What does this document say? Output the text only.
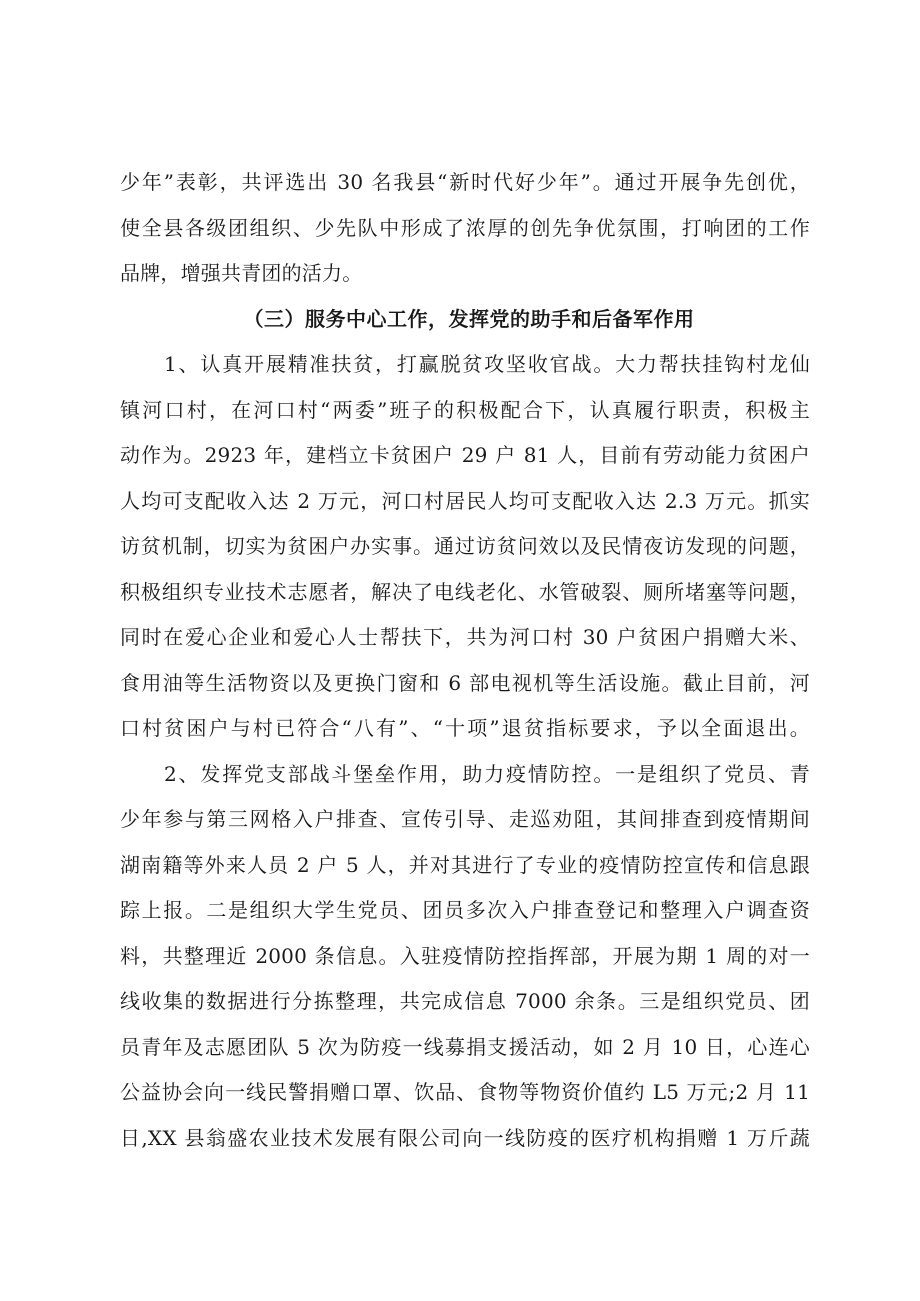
少年”表彰，共评选出 30 名我县“新时代好少年”。通过开展争先创优，
使全县各级团组织、少先队中形成了浓厚的创先争优氛围，打响团的工作
品牌，增强共青团的活力。
（三）服务中心工作，发挥党的助手和后备军作用
1、认真开展精准扶贫，打赢脱贫攻坚收官战。大力帮扶挂钩村龙仙
镇河口村，在河口村“两委”班子的积极配合下，认真履行职责，积极主
动作为。2923 年，建档立卡贫困户 29 户 81 人，目前有劳动能力贫困户
人均可支配收入达 2 万元，河口村居民人均可支配收入达 2.3 万元。抓实
访贫机制，切实为贫困户办实事。通过访贫问效以及民情夜访发现的问题，
积极组织专业技术志愿者，解决了电线老化、水管破裂、厕所堵塞等问题，
同时在爱心企业和爱心人士帮扶下，共为河口村 30 户贫困户捐赠大米、
食用油等生活物资以及更换门窗和 6 部电视机等生活设施。截止目前，河
口村贫困户与村已符合“八有”、“十项”退贫指标要求，予以全面退出。
2、发挥党支部战斗堡垒作用，助力疫情防控。一是组织了党员、青
少年参与第三网格入户排查、宣传引导、走巡劝阻，其间排查到疫情期间
湖南籍等外来人员 2 户 5 人，并对其进行了专业的疫情防控宣传和信息跟
踪上报。二是组织大学生党员、团员多次入户排查登记和整理入户调查资
料，共整理近 2000 条信息。入驻疫情防控指挥部，开展为期 1 周的对一
线收集的数据进行分拣整理，共完成信息 7000 余条。三是组织党员、团
员青年及志愿团队 5 次为防疫一线募捐支援活动，如 2 月 10 日，心连心
公益协会向一线民警捐赠口罩、饮品、食物等物资价值约 L5 万元;2 月 11
日,XX 县翁盛农业技术发展有限公司向一线防疫的医疗机构捐赠 1 万斤蔬
